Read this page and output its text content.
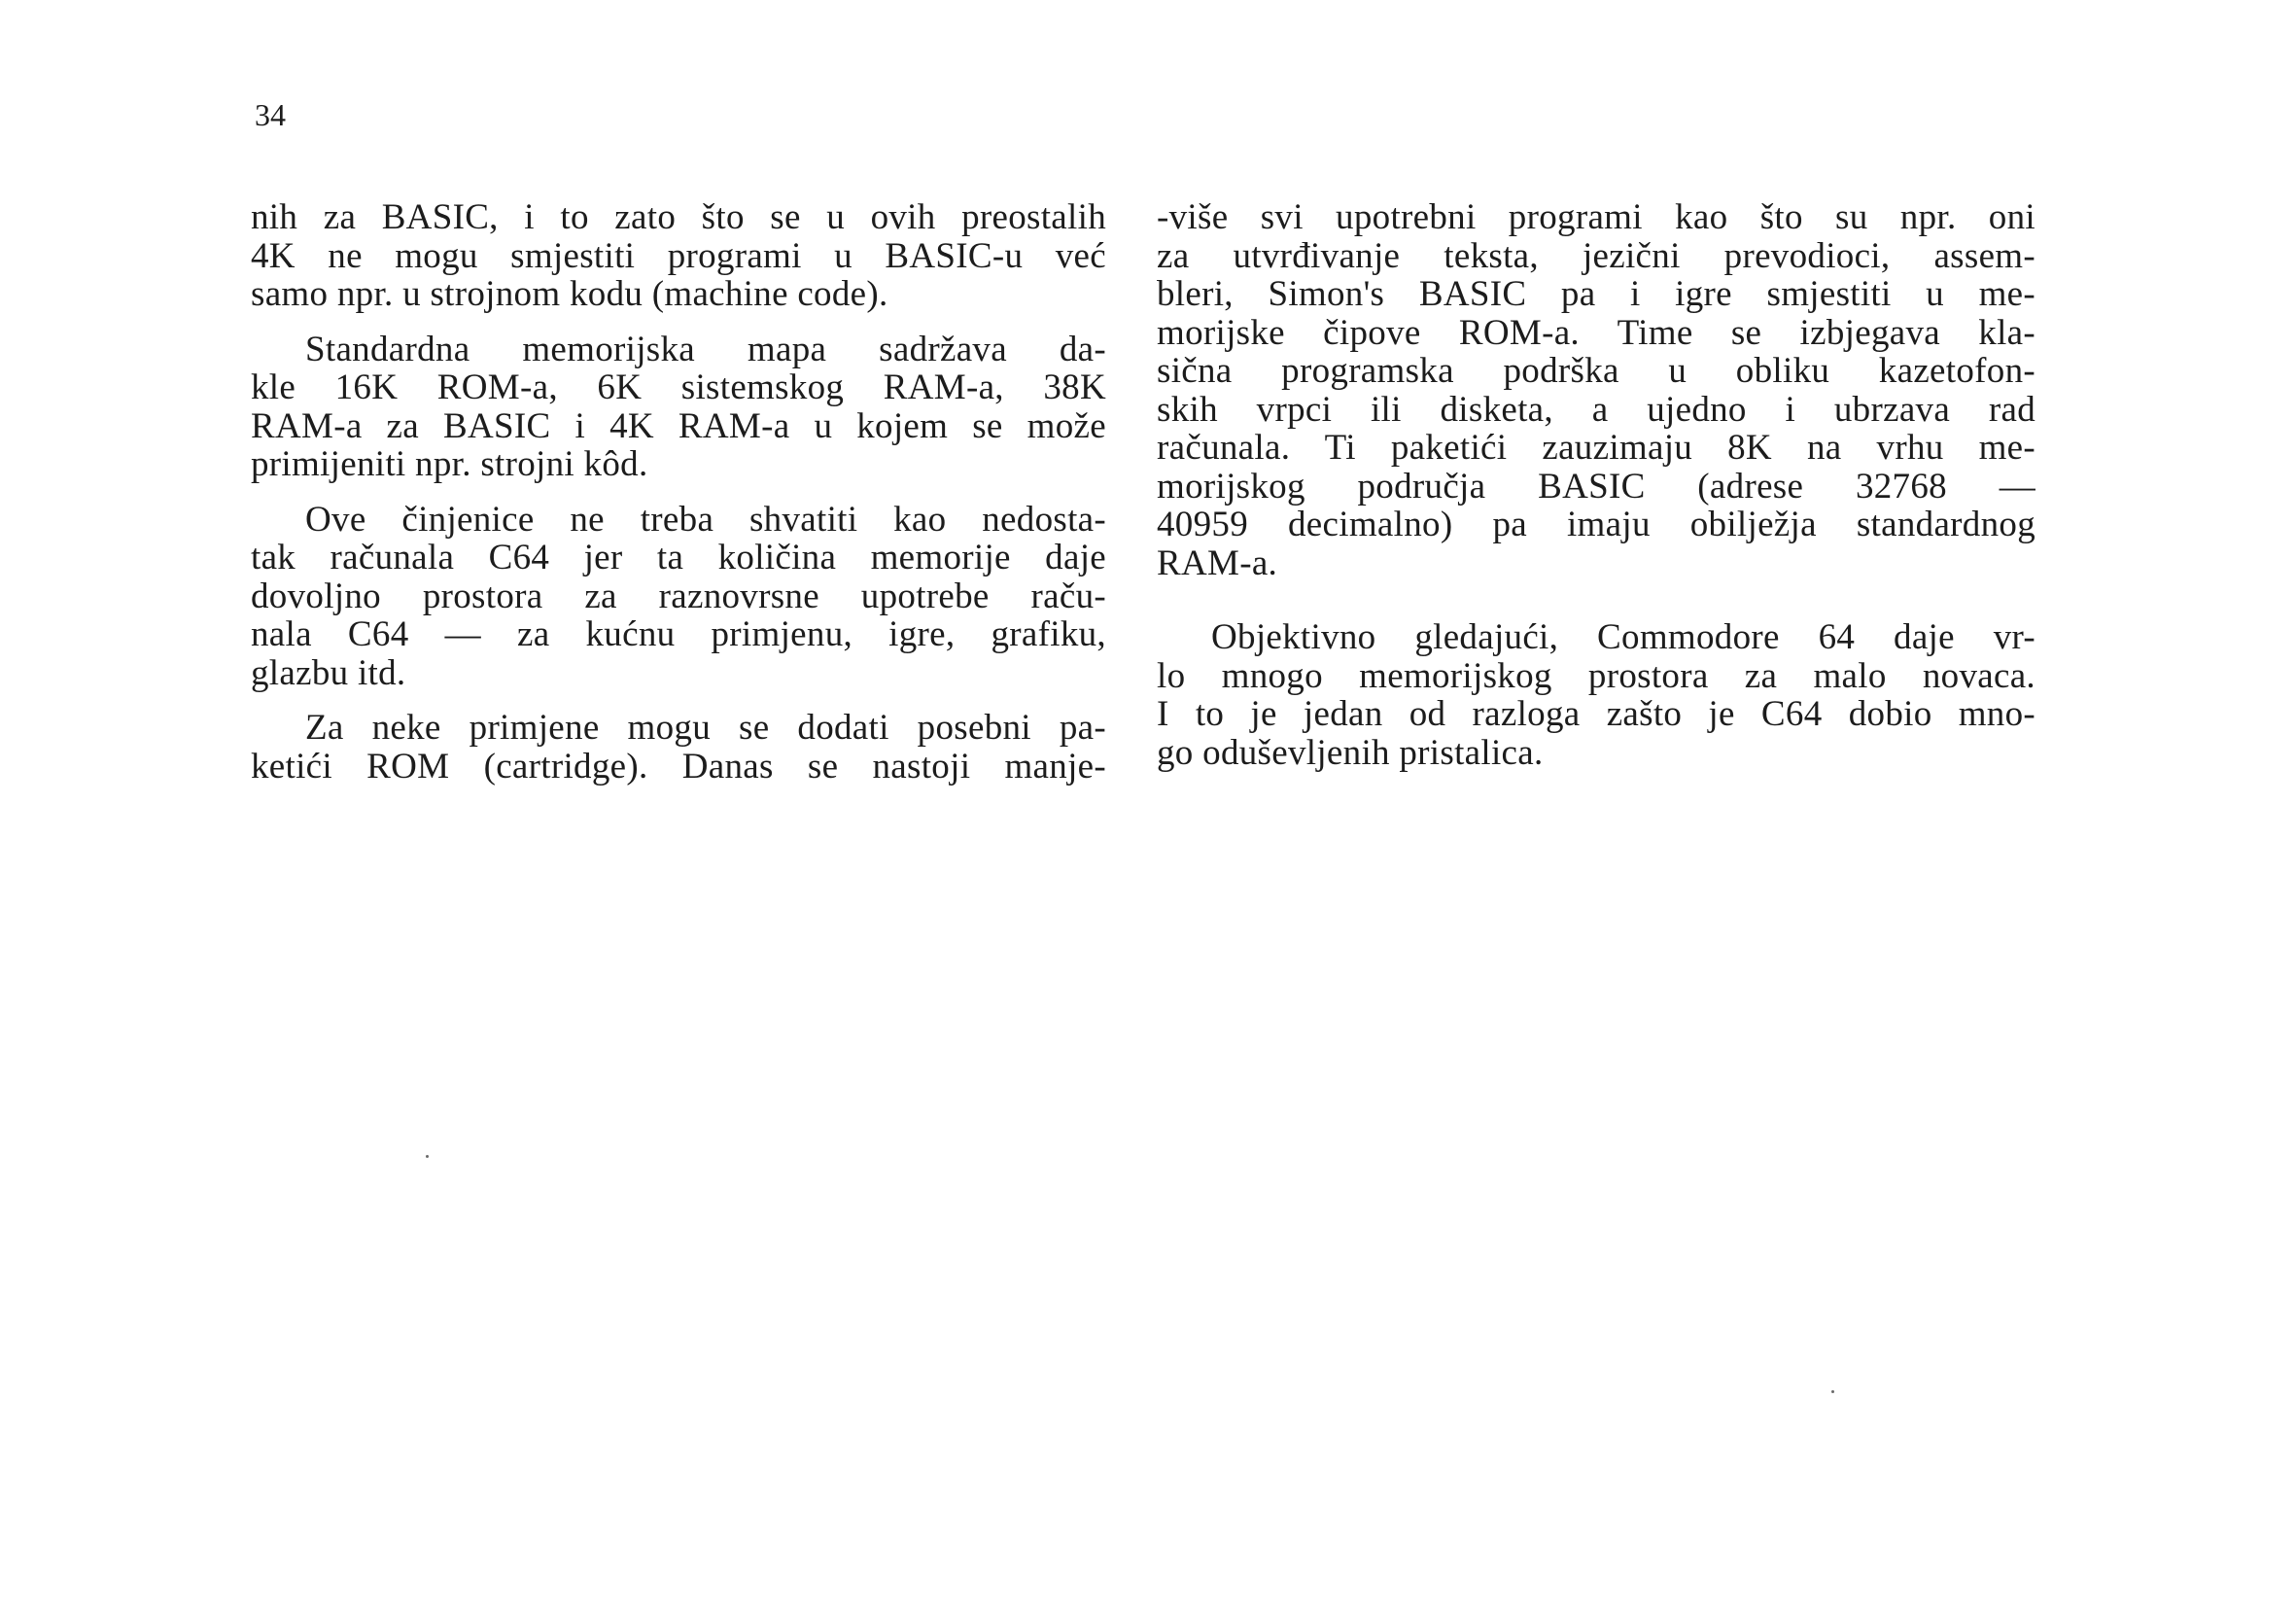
34

nih za BASIC, i to zato što se u ovih preostalih
4K ne mogu smjestiti programi u BASIC-u već
samo npr. u strojnom kodu (machine code).

Standardna memorijska mapa sadržava da-
kle 16K ROM-a, 6K sistemskog RAM-a, 38K
RAM-a za BASIC i 4K RAM-a u kojem se može
primijeniti npr. strojni kôd.

Ove činjenice ne treba shvatiti kao nedosta-
tak računala C64 jer ta količina memorije daje
dovoljno prostora za raznovrsne upotrebe raču-
nala C64 — za kućnu primjenu, igre, grafiku,
glazbu itd.

Za neke primjene mogu se dodati posebni pa-
ketići ROM (cartridge). Danas se nastoji manje-

-više svi upotrebni programi kao što su npr. oni
za utvrđivanje teksta, jezični prevodioci, assem-
bleri, Simon's BASIC pa i igre smjestiti u me-
morijske čipove ROM-a. Time se izbjegava kla-
sična programska podrška u obliku kazetofon-
skih vrpci ili disketa, a ujedno i ubrzava rad
računala. Ti paketići zauzimaju 8K na vrhu me-
morijskog područja BASIC (adrese 32768 —
40959 decimalno) pa imaju obilježja standardnog
RAM-a.

Objektivno gledajući, Commodore 64 daje vr-
lo mnogo memorijskog prostora za malo novaca.
I to je jedan od razloga zašto je C64 dobio mno-
go oduševljenih pristalica.
